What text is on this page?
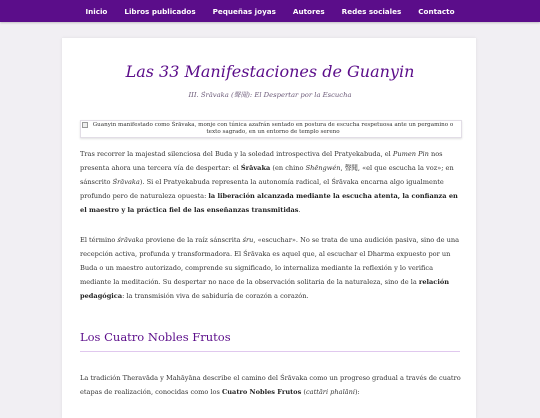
Inicio	Libros publicados	Pequeñas joyas	Autores	Redes sociales	Contacto
Las 33 Manifestaciones de Guanyin

III. Śrāvaka (聲聞): El Despertar por la Escucha

Guanyin manifestado como Śrāvaka, monje con túnica azafrán sentado en postura de escucha respetuosa ante un pergamino o texto sagrado, en un entorno de templo sereno

Tras recorrer la majestad silenciosa del Buda y la soledad introspectiva del Pratyekabuda, el Pumen Pin nos presenta ahora una tercera vía de despertar: el Śrāvaka (en chino Shēngwén, 聲聞, «el que escucha la voz»; en sánscrito Śrāvaka). Si el Pratyekabuda representa la autonomía radical, el Śrāvaka encarna algo igualmente profundo pero de naturaleza opuesta: la liberación alcanzada mediante la escucha atenta, la confianza en el maestro y la práctica fiel de las enseñanzas transmitidas.

El término śrāvaka proviene de la raíz sánscrita śru, «escuchar». No se trata de una audición pasiva, sino de una recepción activa, profunda y transformadora. El Śrāvaka es aquel que, al escuchar el Dharma expuesto por un Buda o un maestro autorizado, comprende su significado, lo internaliza mediante la reflexión y lo verifica mediante la meditación. Su despertar no nace de la observación solitaria de la naturaleza, sino de la relación pedagógica: la transmisión viva de sabiduría de corazón a corazón.

Los Cuatro Nobles Frutos

La tradición Theravāda y Mahāyāna describe el camino del Śrāvaka como un progreso gradual a través de cuatro etapas de realización, conocidas como los Cuatro Nobles Frutos (cattāri phalāni):
